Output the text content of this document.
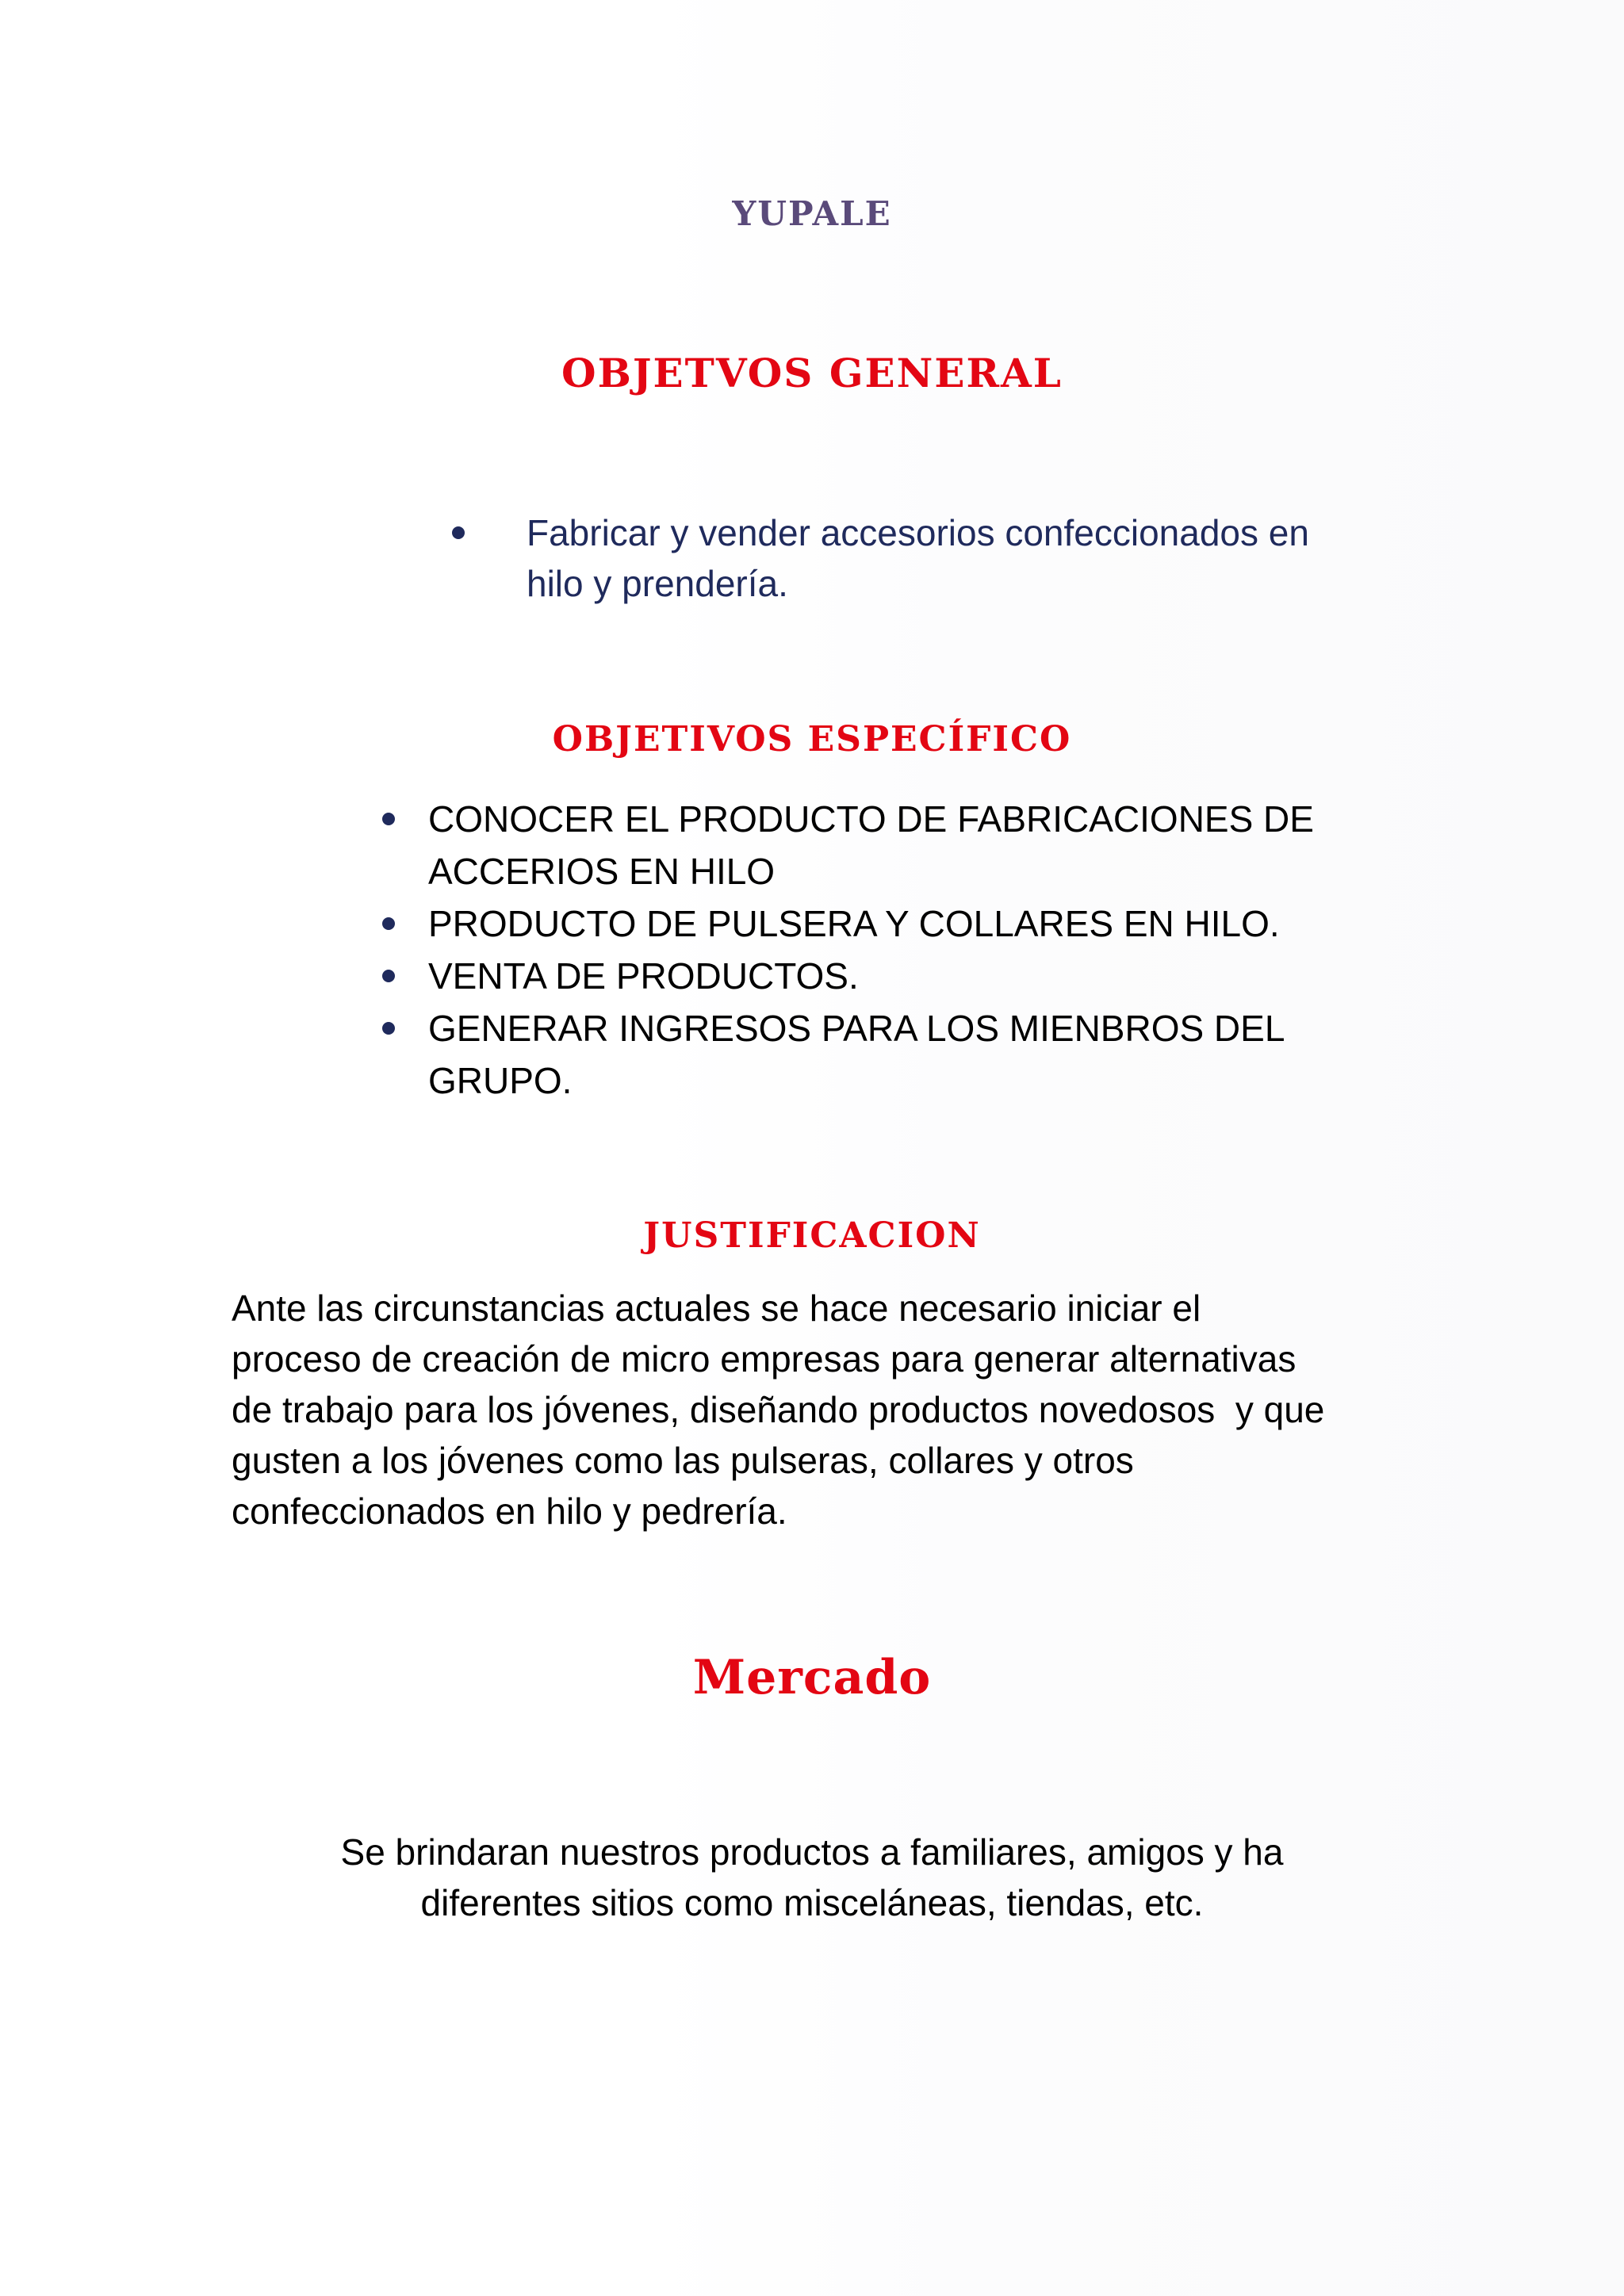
YUPALE
OBJETVOS GENERAL
Fabricar y vender accesorios confeccionados en
hilo y prendería.
OBJETIVOS ESPECÍFICO
CONOCER EL PRODUCTO DE FABRICACIONES DE
ACCERIOS EN HILO
PRODUCTO DE PULSERA Y COLLARES EN HILO.
VENTA DE PRODUCTOS.
GENERAR INGRESOS PARA LOS MIENBROS DEL
GRUPO.
JUSTIFICACION

Ante las circunstancias actuales se hace necesario iniciar el
proceso de creación de micro empresas para generar alternativas
de trabajo para los jóvenes, diseñando productos novedosos  y que
gusten a los jóvenes como las pulseras, collares y otros
confeccionados en hilo y pedrería.

Mercado

Se brindaran nuestros productos a familiares, amigos y ha
diferentes sitios como misceláneas, tiendas, etc.
